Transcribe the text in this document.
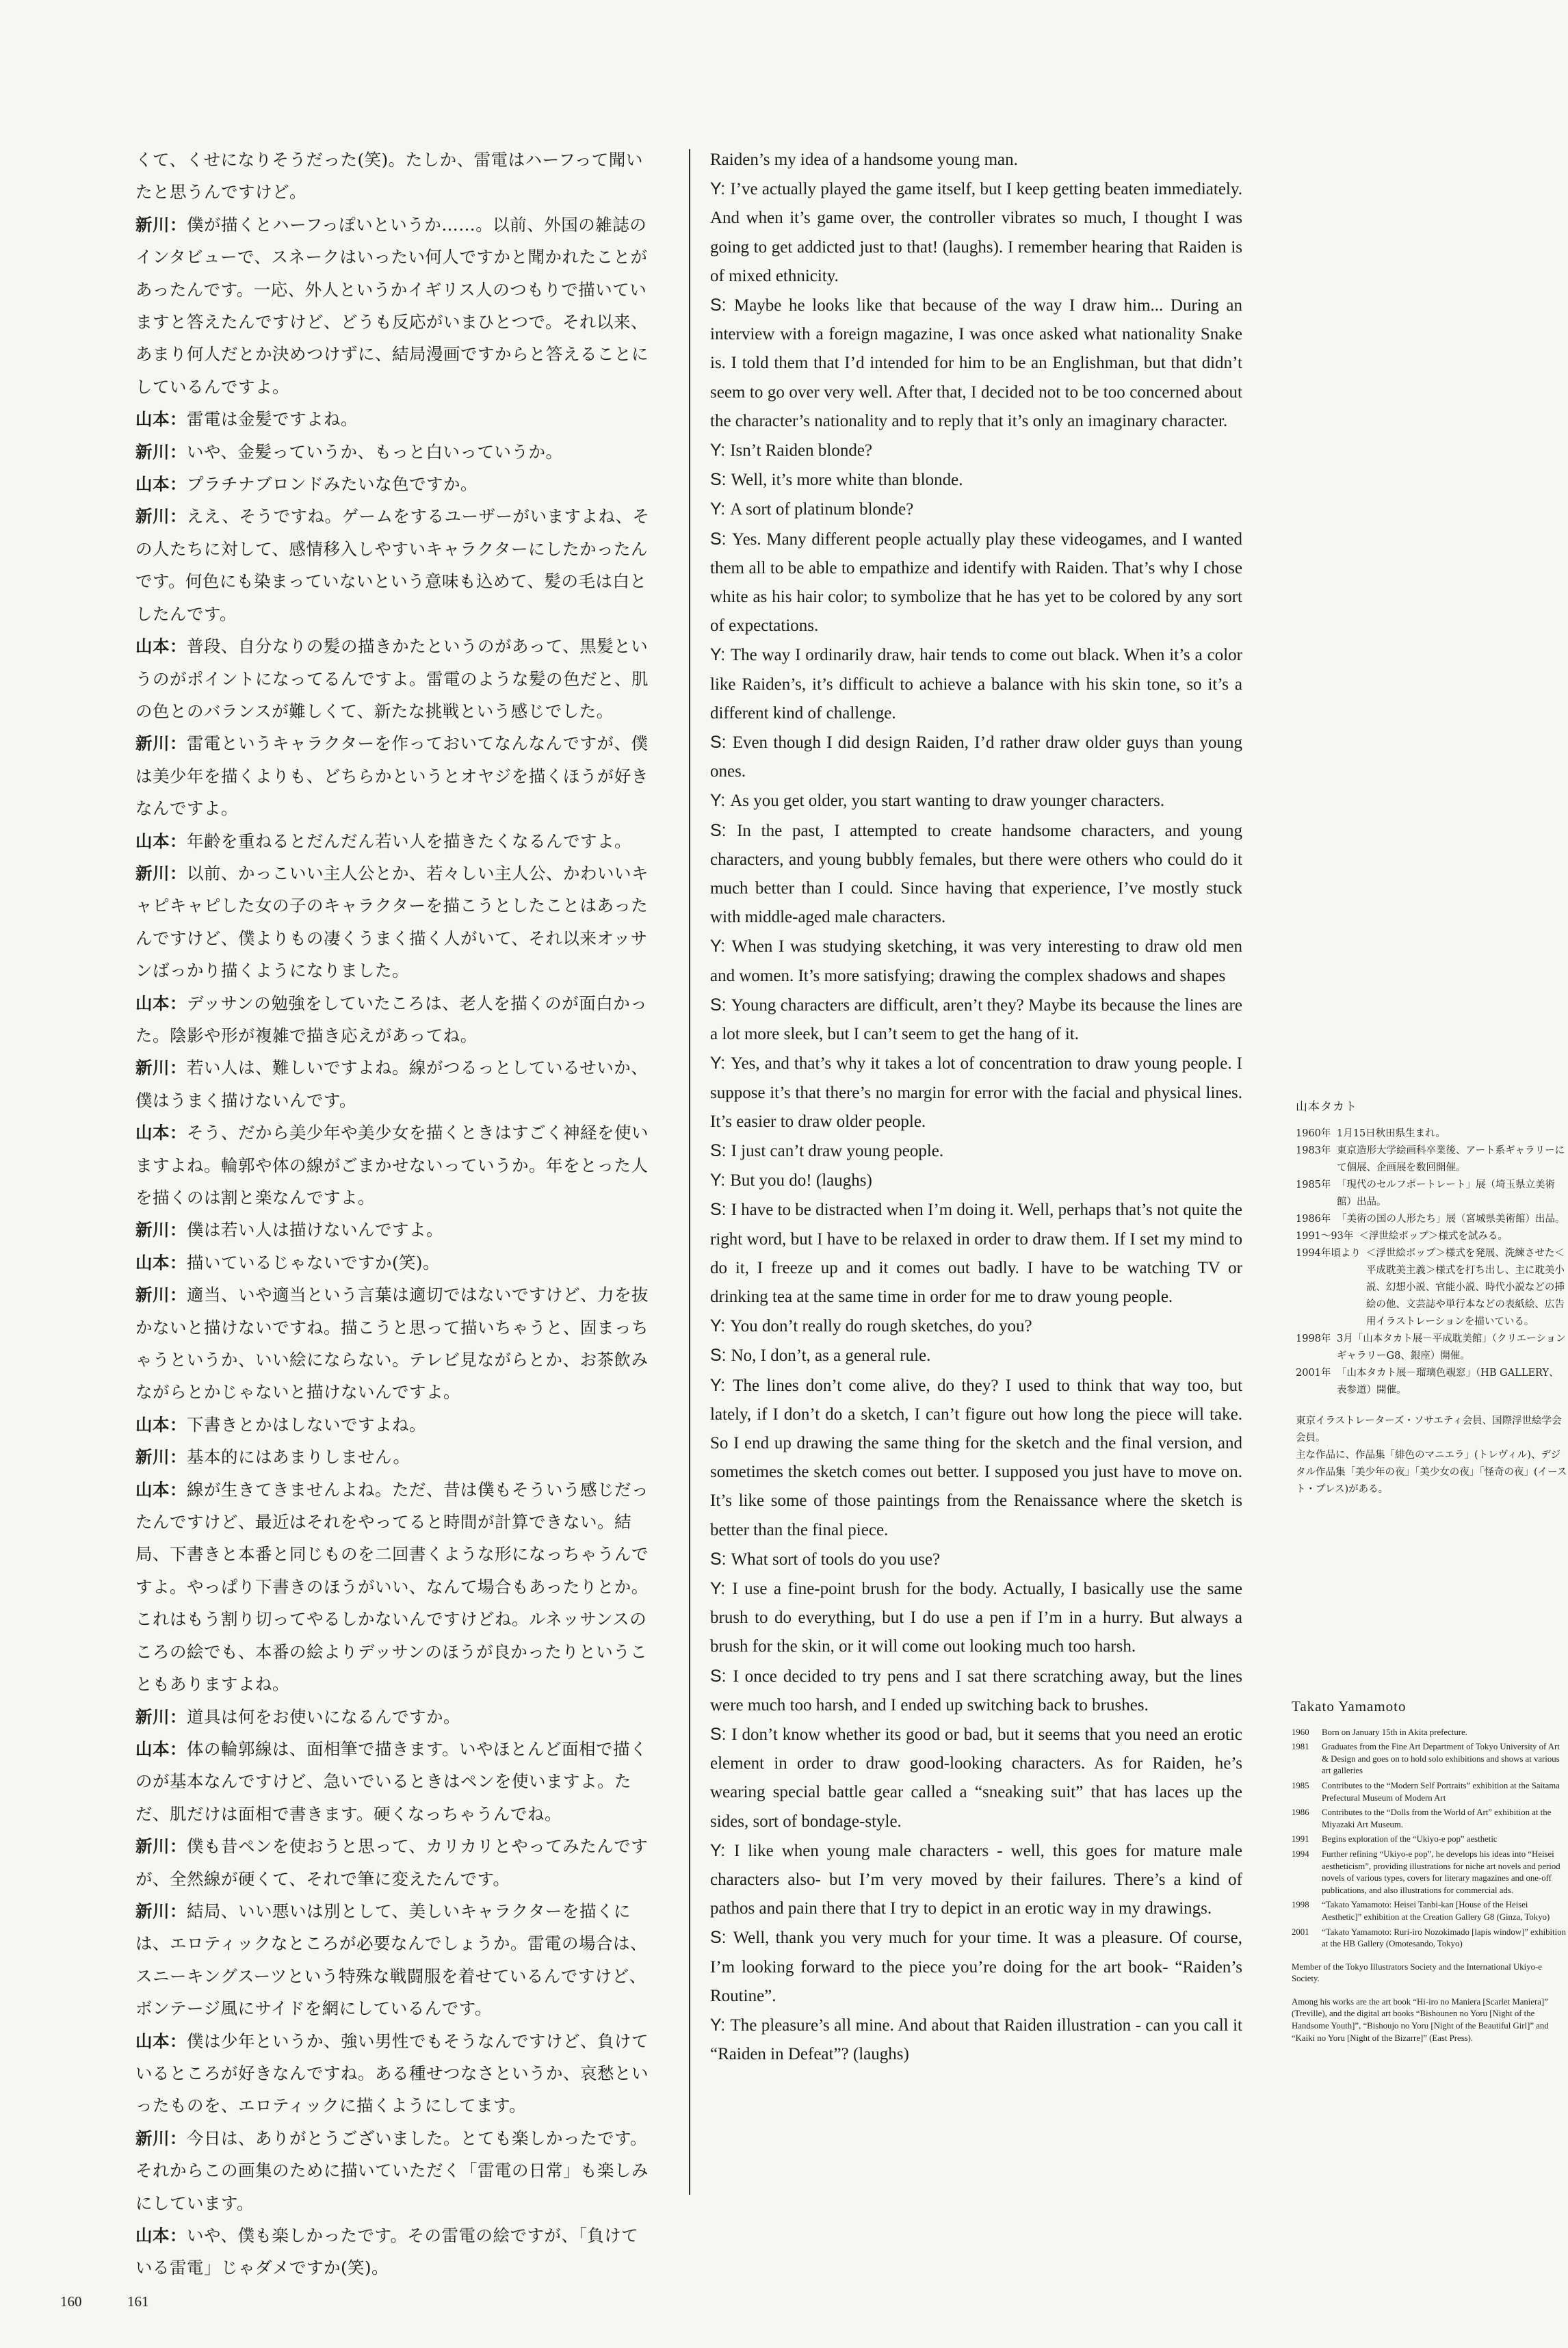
くて、くせになりそうだった(笑)。たしか、雷電はハーフって聞いたと思うんですけど。

新川：僕が描くとハーフっぽいというか……。以前、外国の雑誌のインタビューで、スネークはいったい何人ですかと聞かれたことがあったんです。一応、外人というかイギリス人のつもりで描いていますと答えたんですけど、どうも反応がいまひとつで。それ以来、あまり何人だとか決めつけずに、結局漫画ですからと答えることにしているんですよ。

山本：雷電は金髪ですよね。

新川：いや、金髪っていうか、もっと白いっていうか。

山本：プラチナブロンドみたいな色ですか。

新川：ええ、そうですね。ゲームをするユーザーがいますよね、その人たちに対して、感情移入しやすいキャラクターにしたかったんです。何色にも染まっていないという意味も込めて、髪の毛は白としたんです。

山本：普段、自分なりの髪の描きかたというのがあって、黒髪というのがポイントになってるんですよ。雷電のような髪の色だと、肌の色とのバランスが難しくて、新たな挑戦という感じでした。

新川：雷電というキャラクターを作っておいてなんなんですが、僕は美少年を描くよりも、どちらかというとオヤジを描くほうが好きなんですよ。

山本：年齢を重ねるとだんだん若い人を描きたくなるんですよ。

新川：以前、かっこいい主人公とか、若々しい主人公、かわいいキャピキャピした女の子のキャラクターを描こうとしたことはあったんですけど、僕よりもの凄くうまく描く人がいて、それ以来オッサンばっかり描くようになりました。

山本：デッサンの勉強をしていたころは、老人を描くのが面白かった。陰影や形が複雑で描き応えがあってね。

新川：若い人は、難しいですよね。線がつるっとしているせいか、僕はうまく描けないんです。

山本：そう、だから美少年や美少女を描くときはすごく神経を使いますよね。輪郭や体の線がごまかせないっていうか。年をとった人を描くのは割と楽なんですよ。

新川：僕は若い人は描けないんですよ。

山本：描いているじゃないですか(笑)。

新川：適当、いや適当という言葉は適切ではないですけど、力を抜かないと描けないですね。描こうと思って描いちゃうと、固まっちゃうというか、いい絵にならない。テレビ見ながらとか、お茶飲みながらとかじゃないと描けないんですよ。

山本：下書きとかはしないですよね。

新川：基本的にはあまりしません。

山本：線が生きてきませんよね。ただ、昔は僕もそういう感じだったんですけど、最近はそれをやってると時間が計算できない。結局、下書きと本番と同じものを二回書くような形になっちゃうんですよ。やっぱり下書きのほうがいい、なんて場合もあったりとか。これはもう割り切ってやるしかないんですけどね。ルネッサンスのころの絵でも、本番の絵よりデッサンのほうが良かったりということもありますよね。

新川：道具は何をお使いになるんですか。

山本：体の輪郭線は、面相筆で描きます。いやほとんど面相で描くのが基本なんですけど、急いでいるときはペンを使いますよ。ただ、肌だけは面相で書きます。硬くなっちゃうんでね。

新川：僕も昔ペンを使おうと思って、カリカリとやってみたんですが、全然線が硬くて、それで筆に変えたんです。

新川：結局、いい悪いは別として、美しいキャラクターを描くには、エロティックなところが必要なんでしょうか。雷電の場合は、スニーキングスーツという特殊な戦闘服を着せているんですけど、ボンテージ風にサイドを網にしているんです。

山本：僕は少年というか、強い男性でもそうなんですけど、負けているところが好きなんですね。ある種せつなさというか、哀愁といったものを、エロティックに描くようにしてます。

新川：今日は、ありがとうございました。とても楽しかったです。それからこの画集のために描いていただく「雷電の日常」も楽しみにしています。

山本：いや、僕も楽しかったです。その雷電の絵ですが、「負けている雷電」じゃダメですか(笑)。

Raiden’s my idea of a handsome young man.

Y: I’ve actually played the game itself, but I keep getting beaten immediately. And when it’s game over, the controller vibrates so much, I thought I was going to get addicted just to that! (laughs). I remember hearing that Raiden is of mixed ethnicity.

S: Maybe he looks like that because of the way I draw him... During an interview with a foreign magazine, I was once asked what nationality Snake is. I told them that I’d intended for him to be an Englishman, but that didn’t seem to go over very well. After that, I decided not to be too concerned about the character’s nationality and to reply that it’s only an imaginary character.

Y: Isn’t Raiden blonde?

S: Well, it’s more white than blonde.

Y: A sort of platinum blonde?

S: Yes. Many different people actually play these videogames, and I wanted them all to be able to empathize and identify with Raiden. That’s why I chose white as his hair color; to symbolize that he has yet to be colored by any sort of expectations.

Y: The way I ordinarily draw, hair tends to come out black. When it’s a color like Raiden’s, it’s difficult to achieve a balance with his skin tone, so it’s a different kind of challenge.

S: Even though I did design Raiden, I’d rather draw older guys than young ones.

Y: As you get older, you start wanting to draw younger characters.

S: In the past, I attempted to create handsome characters, and young characters, and young bubbly females, but there were others who could do it much better than I could. Since having that experience, I’ve mostly stuck with middle-aged male characters.

Y: When I was studying sketching, it was very interesting to draw old men and women. It’s more satisfying; drawing the complex shadows and shapes

S: Young characters are difficult, aren’t they? Maybe its because the lines are a lot more sleek, but I can’t seem to get the hang of it.

Y: Yes, and that’s why it takes a lot of concentration to draw young people. I suppose it’s that there’s no margin for error with the facial and physical lines. It’s easier to draw older people.

S: I just can’t draw young people.

Y: But you do! (laughs)

S: I have to be distracted when I’m doing it. Well, perhaps that’s not quite the right word, but I have to be relaxed in order to draw them. If I set my mind to do it, I freeze up and it comes out badly. I have to be watching TV or drinking tea at the same time in order for me to draw young people.

Y: You don’t really do rough sketches, do you?

S: No, I don’t, as a general rule.

Y: The lines don’t come alive, do they? I used to think that way too, but lately, if I don’t do a sketch, I can’t figure out how long the piece will take. So I end up drawing the same thing for the sketch and the final version, and sometimes the sketch comes out better. I supposed you just have to move on. It’s like some of those paintings from the Renaissance where the sketch is better than the final piece.

S: What sort of tools do you use?

Y: I use a fine-point brush for the body. Actually, I basically use the same brush to do everything, but I do use a pen if I’m in a hurry. But always a brush for the skin, or it will come out looking much too harsh.

S: I once decided to try pens and I sat there scratching away, but the lines were much too harsh, and I ended up switching back to brushes.

S: I don’t know whether its good or bad, but it seems that you need an erotic element in order to draw good-looking characters. As for Raiden, he’s wearing special battle gear called a “sneaking suit” that has laces up the sides, sort of bondage-style.

Y: I like when young male characters - well, this goes for mature male characters also- but I’m very moved by their failures. There’s a kind of pathos and pain there that I try to depict in an erotic way in my drawings.

S: Well, thank you very much for your time. It was a pleasure. Of course, I’m looking forward to the piece you’re doing for the art book- “Raiden’s Routine”.

Y: The pleasure’s all mine. And about that Raiden illustration - can you call it “Raiden in Defeat”? (laughs)

山本タカト
1960年 1月15日秋田県生まれ。
1983年 東京造形大学絵画科卒業後、アート系ギャラリーにて個展、企画展を数回開催。
1985年 「現代のセルフポートレート」展（埼玉県立美術館）出品。
1986年 「美術の国の人形たち」展（宮城県美術館）出品。
1991～93年 ＜浮世絵ポップ＞様式を試みる。
1994年頃より ＜浮世絵ポップ＞様式を発展、洗練させた＜平成耽美主義＞様式を打ち出し、主に耽美小説、幻想小説、官能小説、時代小説などの挿絵の他、文芸誌や単行本などの表紙絵、広告用イラストレーションを描いている。
1998年 3月「山本タカト展－平成耽美館」（クリエーションギャラリーG8、銀座）開催。
2001年 「山本タカト展－瑠璃色覗窓」（HB GALLERY、表参道）開催。
東京イラストレーターズ・ソサエティ会員、国際浮世絵学会会員。
主な作品に、作品集「緋色のマニエラ」(トレヴィル)、デジタル作品集「美少年の夜」「美少女の夜」「怪奇の夜」(イースト・プレス)がある。
Takato Yamamoto
1960	Born on January 15th in Akita prefecture.
1981	Graduates from the Fine Art Department of Tokyo University of Art & Design and goes on to hold solo exhibitions and shows at various art galleries
1985	Contributes to the “Modern Self Portraits” exhibition at the Saitama Prefectural Museum of Modern Art
1986	Contributes to the “Dolls from the World of Art” exhibition at the Miyazaki Art Museum.
1991	Begins exploration of the “Ukiyo-e pop” aesthetic
1994	Further refining “Ukiyo-e pop”, he develops his ideas into “Heisei aestheticism”, providing illustrations for niche art novels and period novels of various types, covers for literary magazines and one-off publications, and also illustrations for commercial ads.
1998	“Takato Yamamoto: Heisei Tanbi-kan [House of the Heisei Aesthetic]” exhibition at the Creation Gallery G8 (Ginza, Tokyo)
2001	“Takato Yamamoto: Ruri-iro Nozokimado [lapis window]” exhibition at the HB Gallery (Omotesando, Tokyo)
Member of the Tokyo Illustrators Society and the International Ukiyo-e Society.
Among his works are the art book “Hi-iro no Maniera [Scarlet Maniera]” (Treville), and the digital art books “Bishounen no Yoru [Night of the Handsome Youth]”, “Bishoujo no Yoru [Night of the Beautiful Girl]” and “Kaiki no Yoru [Night of the Bizarre]” (East Press).
160	161
